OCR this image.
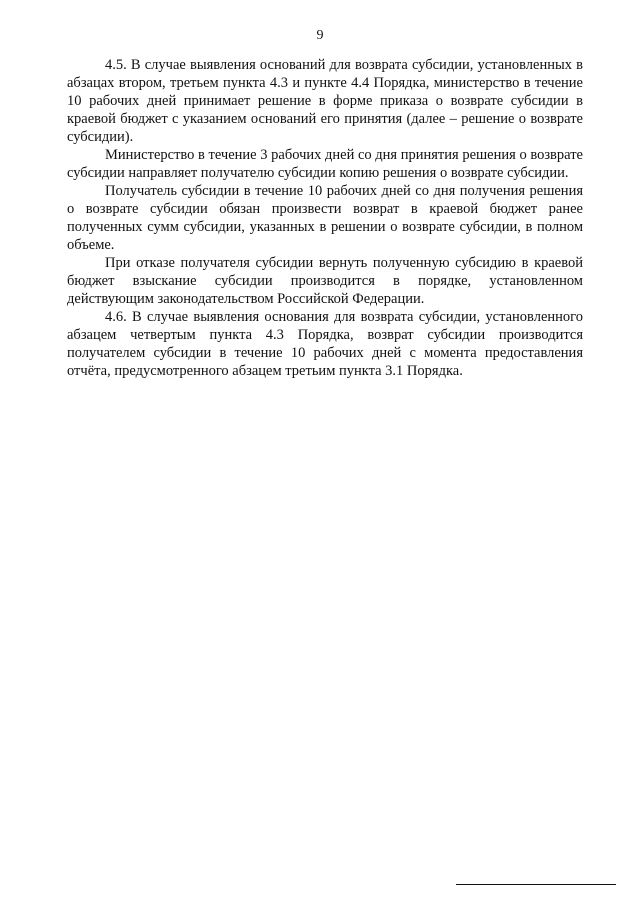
9

4.5. В случае выявления оснований для возврата субсидии, установленных в абзацах втором, третьем пункта 4.3 и пункте 4.4 Порядка, министерство в течение 10 рабочих дней принимает решение в форме приказа о возврате субсидии в краевой бюджет с указанием оснований его принятия (далее – решение о возврате субсидии).

Министерство в течение 3 рабочих дней со дня принятия решения о возврате субсидии направляет получателю субсидии копию решения о возврате субсидии.

Получатель субсидии в течение 10 рабочих дней со дня получения решения о возврате субсидии обязан произвести возврат в краевой бюджет ранее полученных сумм субсидии, указанных в решении о возврате субсидии, в полном объеме.

При отказе получателя субсидии вернуть полученную субсидию в краевой бюджет взыскание субсидии производится в порядке, установленном действующим законодательством Российской Федерации.

4.6. В случае выявления основания для возврата субсидии, установленного абзацем четвертым пункта 4.3 Порядка, возврат субсидии производится получателем субсидии в течение 10 рабочих дней с момента предоставления отчёта, предусмотренного абзацем третьим пункта 3.1 Порядка.
